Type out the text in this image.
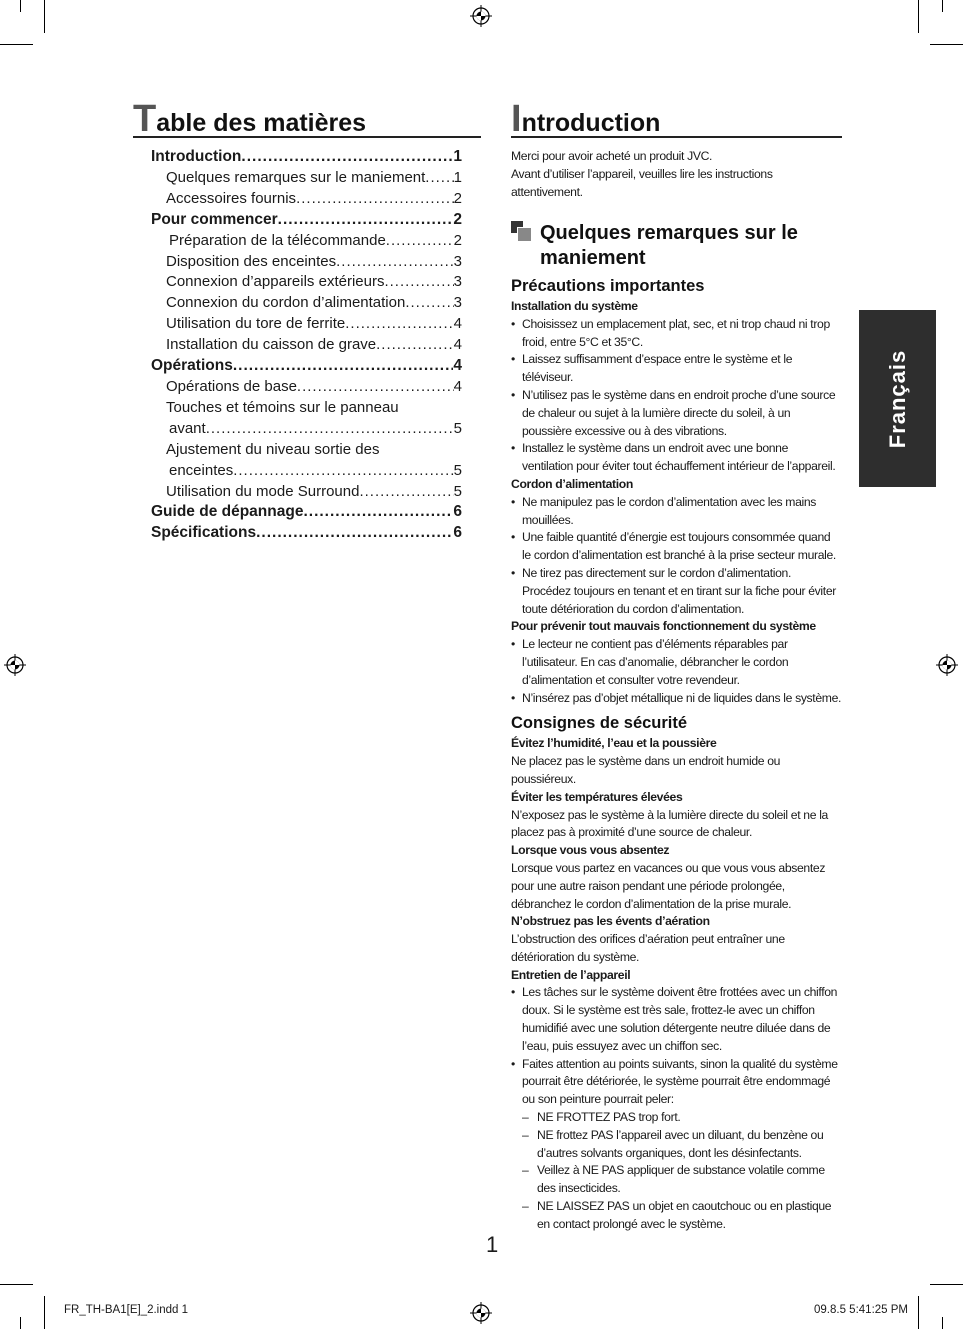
Table des matières
Introduction .....	1
Quelques remarques sur le maniement ..... 1
Accessoires fournis .....	2
Pour commencer .....	2
Préparation de la télécommande .....	2
Disposition des enceintes .....	3
Connexion d’appareils extérieurs .....	3
Connexion du cordon d’alimentation .....	3
Utilisation du tore de ferrite .....	4
Installation du caisson de grave .....	4
Opérations .....	4
Opérations de base .....	4
Touches et témoins sur le panneau
avant .....	5
Ajustement du niveau sortie des
enceintes .....	5
Utilisation du mode Surround .....	5
Guide de dépannage .....	6
Spécifications .....	6
Introduction

Merci pour avoir acheté un produit JVC.

Avant d’utiliser l’appareil, veuilles lire les instructions attentivement.

Quelques remarques sur le maniement

Précautions importantes

Installation du système

• Choisissez un emplacement plat, sec, et ni trop chaud ni trop froid, entre 5°C et 35°C.

• Laissez suffisamment d’espace entre le système et le téléviseur.

• N’utilisez pas le système dans en endroit proche d’une source de chaleur ou sujet à la lumière directe du soleil, à un poussière excessive ou à des vibrations.

• Installez le système dans un endroit avec une bonne ventilation pour éviter tout échauffement intérieur de l’appareil.

Cordon d’alimentation

• Ne manipulez pas le cordon d’alimentation avec les mains mouillées.

• Une faible quantité d’énergie est toujours consommée quand le cordon d’alimentation est branché à la prise secteur murale.

• Ne tirez pas directement sur le cordon d’alimentation. Procédez toujours en tenant et en tirant sur la fiche pour éviter toute détérioration du cordon d’alimentation.

Pour prévenir tout mauvais fonctionnement du système

• Le lecteur ne contient pas d’éléments réparables par l’utilisateur. En cas d’anomalie, débrancher le cordon d’alimentation et consulter votre revendeur.

• N’insérez pas d’objet métallique ni de liquides dans le système.

Consignes de sécurité

Évitez l’humidité, l’eau et la poussière

Ne placez pas le système dans un endroit humide ou poussiéreux.

Éviter les températures élevées

N’exposez pas le système à la lumière directe du soleil et ne la placez pas à proximité d’une source de chaleur.

Lorsque vous vous absentez

Lorsque vous partez en vacances ou que vous vous absentez pour une autre raison pendant une période prolongée, débranchez le cordon d’alimentation de la prise murale.

N’obstruez pas les évents d’aération

L’obstruction des orifices d’aération peut entraîner une détérioration du système.

Entretien de l’appareil

• Les tâches sur le système doivent être frottées avec un chiffon doux. Si le système est très sale, frottez-le avec un chiffon humidifié avec une solution détergente neutre diluée dans de l’eau, puis essuyez avec un chiffon sec.

• Faites attention au points suivants, sinon la qualité du système pourrait être détériorée, le système pourrait être endommagé ou son peinture pourrait peler:

– NE FROTTEZ PAS trop fort.

– NE frottez PAS l’appareil avec un diluant, du benzène ou d’autres solvants organiques, dont les désinfectants.

– Veillez à NE PAS appliquer de substance volatile comme des insecticides.

– NE LAISSEZ PAS un objet en caoutchouc ou en plastique en contact prolongé avec le système.

Français
1
FR_TH-BA1[E]_2.indd 1	09.8.5 5:41:25 PM
